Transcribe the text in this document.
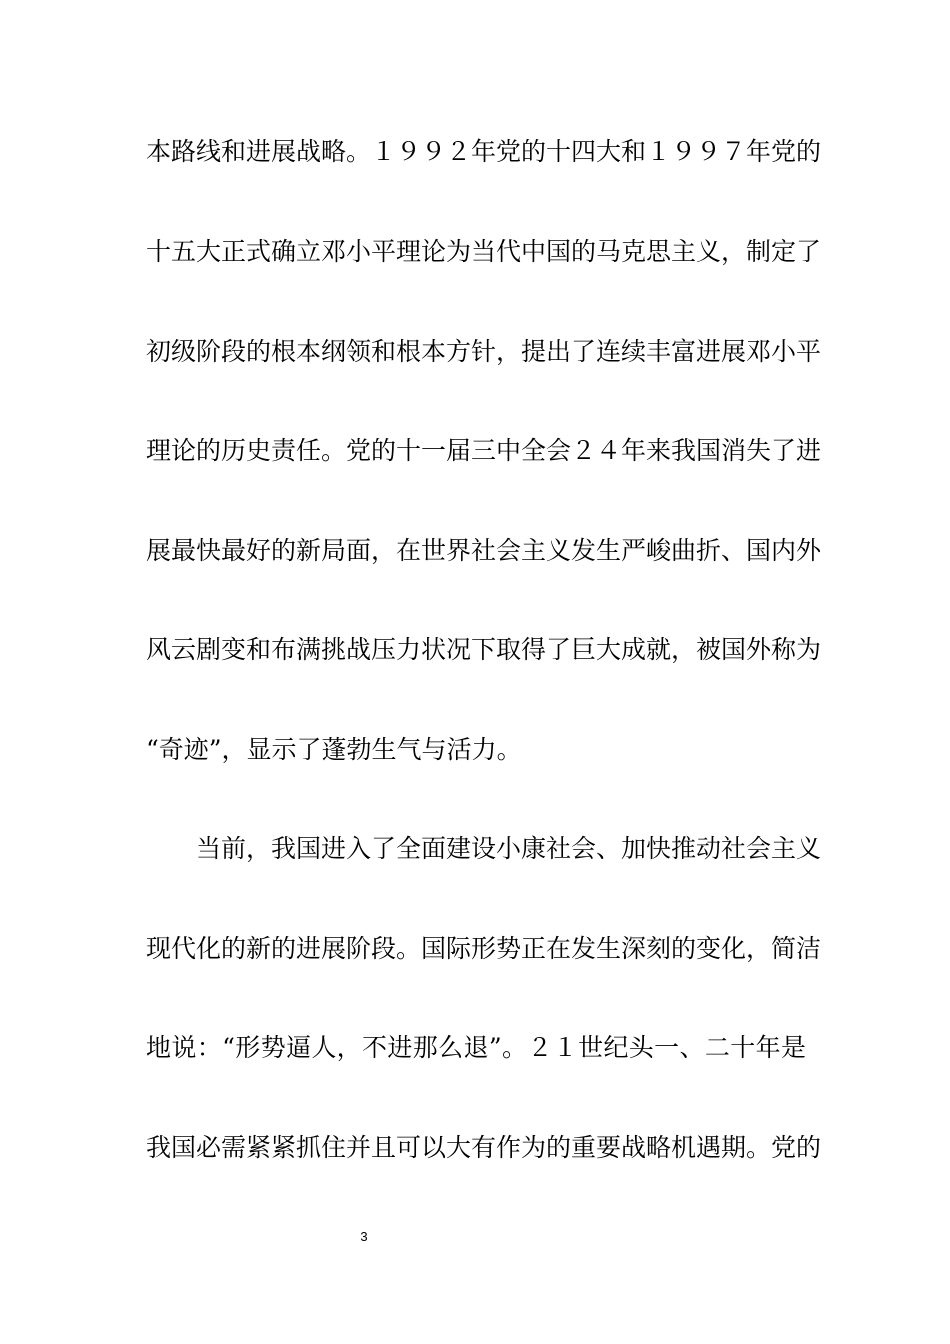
本路线和进展战略。１９９２年党的十四大和１９９７年党的
十五大正式确立邓小平理论为当代中国的马克思主义，制定了
初级阶段的根本纲领和根本方针，提出了连续丰富进展邓小平
理论的历史责任。党的十一届三中全会２４年来我国消失了进
展最快最好的新局面，在世界社会主义发生严峻曲折、国内外
风云剧变和布满挑战压力状况下取得了巨大成就，被国外称为
“奇迹”，显示了蓬勃生气与活力。
当前，我国进入了全面建设小康社会、加快推动社会主义
现代化的新的进展阶段。国际形势正在发生深刻的变化，简洁
地说：“形势逼人，不进那么退”。２１世纪头一、二十年是
我国必需紧紧抓住并且可以大有作为的重要战略机遇期。党的
3
